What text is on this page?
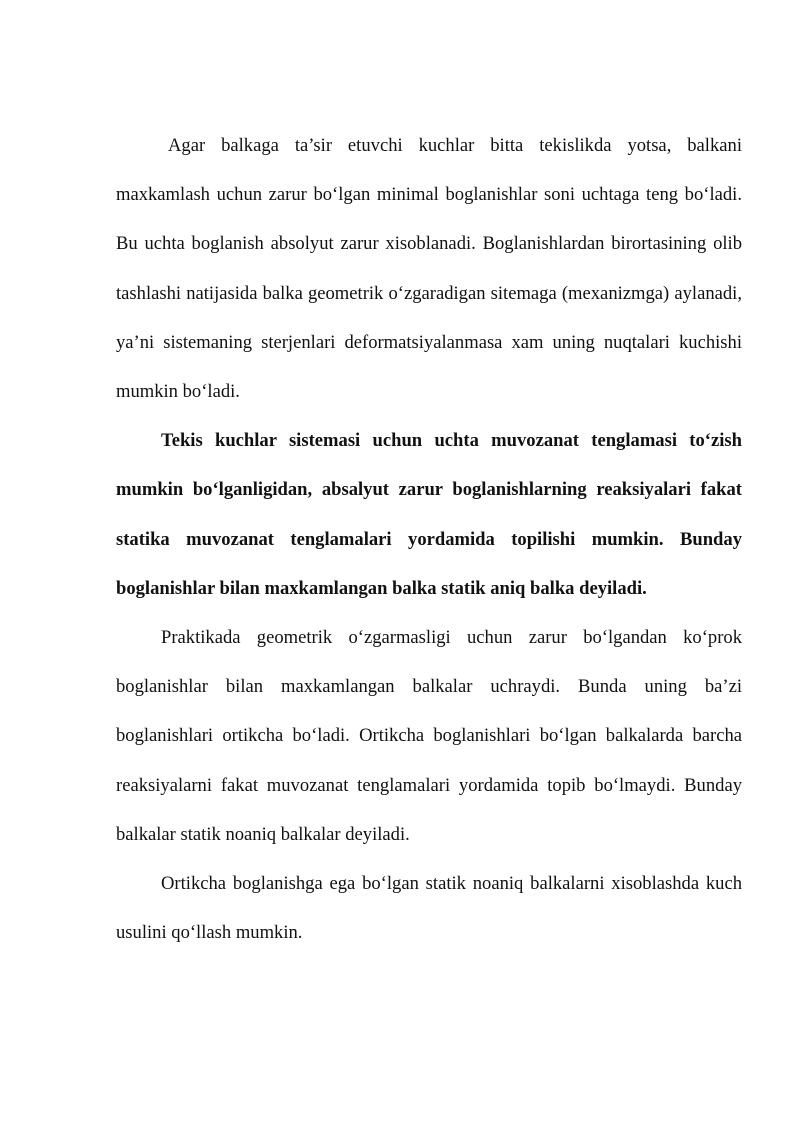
Agar balkaga ta’sir etuvchi kuchlar bitta tekislikda yotsa, balkani maxkamlash uchun zarur bo‘lgan minimal boglanishlar soni uchtaga teng bo‘ladi. Bu uchta boglanish absolyut zarur xisoblanadi. Boglanishlardan birortasining olib tashlashi natijasida balka geometrik o‘zgaradigan sitemaga (mexanizmga) aylanadi, ya’ni sistemaning sterjenlari deformatsiyalanmasa xam uning nuqtalari kuchishi mumkin bo‘ladi.

Tekis kuchlar sistemasi uchun uchta muvozanat tenglamasi to‘zish mumkin bo‘lganligidan, absalyut zarur boglanishlarning reaksiyalari fakat statika muvozanat tenglamalari yordamida topilishi mumkin. Bunday boglanishlar bilan maxkamlangan balka statik aniq balka deyiladi.

Praktikada geometrik o‘zgarmasligi uchun zarur bo‘lgandan ko‘prok boglanishlar bilan maxkamlangan balkalar uchraydi. Bunda uning ba’zi boglanishlari ortikcha bo‘ladi. Ortikcha boglanishlari bo‘lgan balkalarda barcha reaksiyalarni fakat muvozanat tenglamalari yordamida topib bo‘lmaydi. Bunday balkalar statik noaniq balkalar deyiladi.

Ortikcha boglanishga ega bo‘lgan statik noaniq balkalarni xisoblashda kuch usulini qo‘llash mumkin.
